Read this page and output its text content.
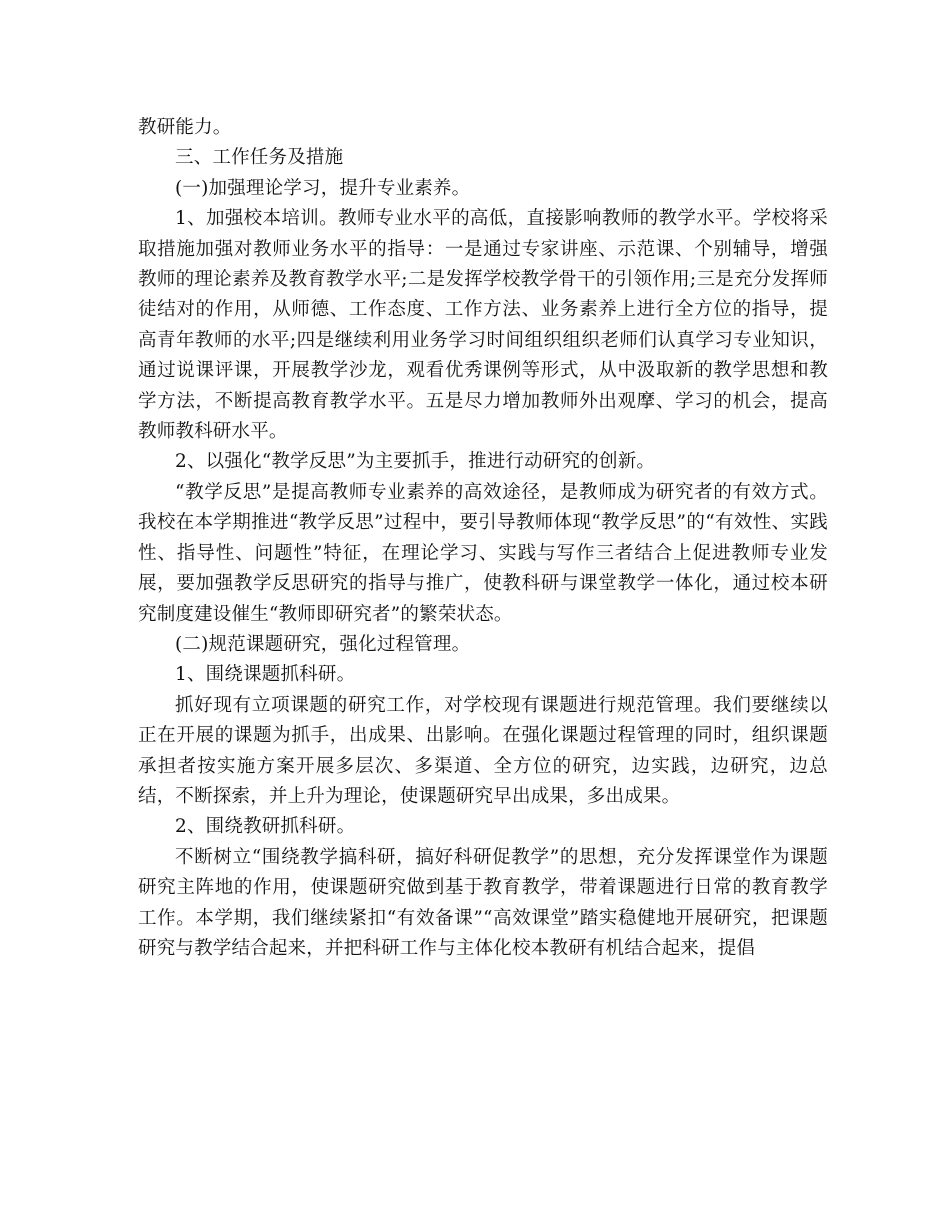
教研能力。

三、工作任务及措施

(一)加强理论学习，提升专业素养。

1、加强校本培训。教师专业水平的高低，直接影响教师的教学水平。学校将采取措施加强对教师业务水平的指导：一是通过专家讲座、示范课、个别辅导，增强教师的理论素养及教育教学水平;二是发挥学校教学骨干的引领作用;三是充分发挥师徒结对的作用，从师德、工作态度、工作方法、业务素养上进行全方位的指导，提高青年教师的水平;四是继续利用业务学习时间组织组织老师们认真学习专业知识，通过说课评课，开展教学沙龙，观看优秀课例等形式，从中汲取新的教学思想和教学方法，不断提高教育教学水平。五是尽力增加教师外出观摩、学习的机会，提高教师教科研水平。

2、以强化“教学反思”为主要抓手，推进行动研究的创新。

“教学反思”是提高教师专业素养的高效途径，是教师成为研究者的有效方式。我校在本学期推进“教学反思”过程中，要引导教师体现“教学反思”的“有效性、实践性、指导性、问题性”特征，在理论学习、实践与写作三者结合上促进教师专业发展，要加强教学反思研究的指导与推广，使教科研与课堂教学一体化，通过校本研究制度建设催生“教师即研究者”的繁荣状态。

(二)规范课题研究，强化过程管理。

1、围绕课题抓科研。

抓好现有立项课题的研究工作，对学校现有课题进行规范管理。我们要继续以正在开展的课题为抓手，出成果、出影响。在强化课题过程管理的同时，组织课题承担者按实施方案开展多层次、多渠道、全方位的研究，边实践，边研究，边总结，不断探索，并上升为理论，使课题研究早出成果，多出成果。

2、围绕教研抓科研。

不断树立“围绕教学搞科研，搞好科研促教学”的思想，充分发挥课堂作为课题研究主阵地的作用，使课题研究做到基于教育教学，带着课题进行日常的教育教学工作。本学期，我们继续紧扣“有效备课”“高效课堂”踏实稳健地开展研究，把课题研究与教学结合起来，并把科研工作与主体化校本教研有机结合起来，提倡
